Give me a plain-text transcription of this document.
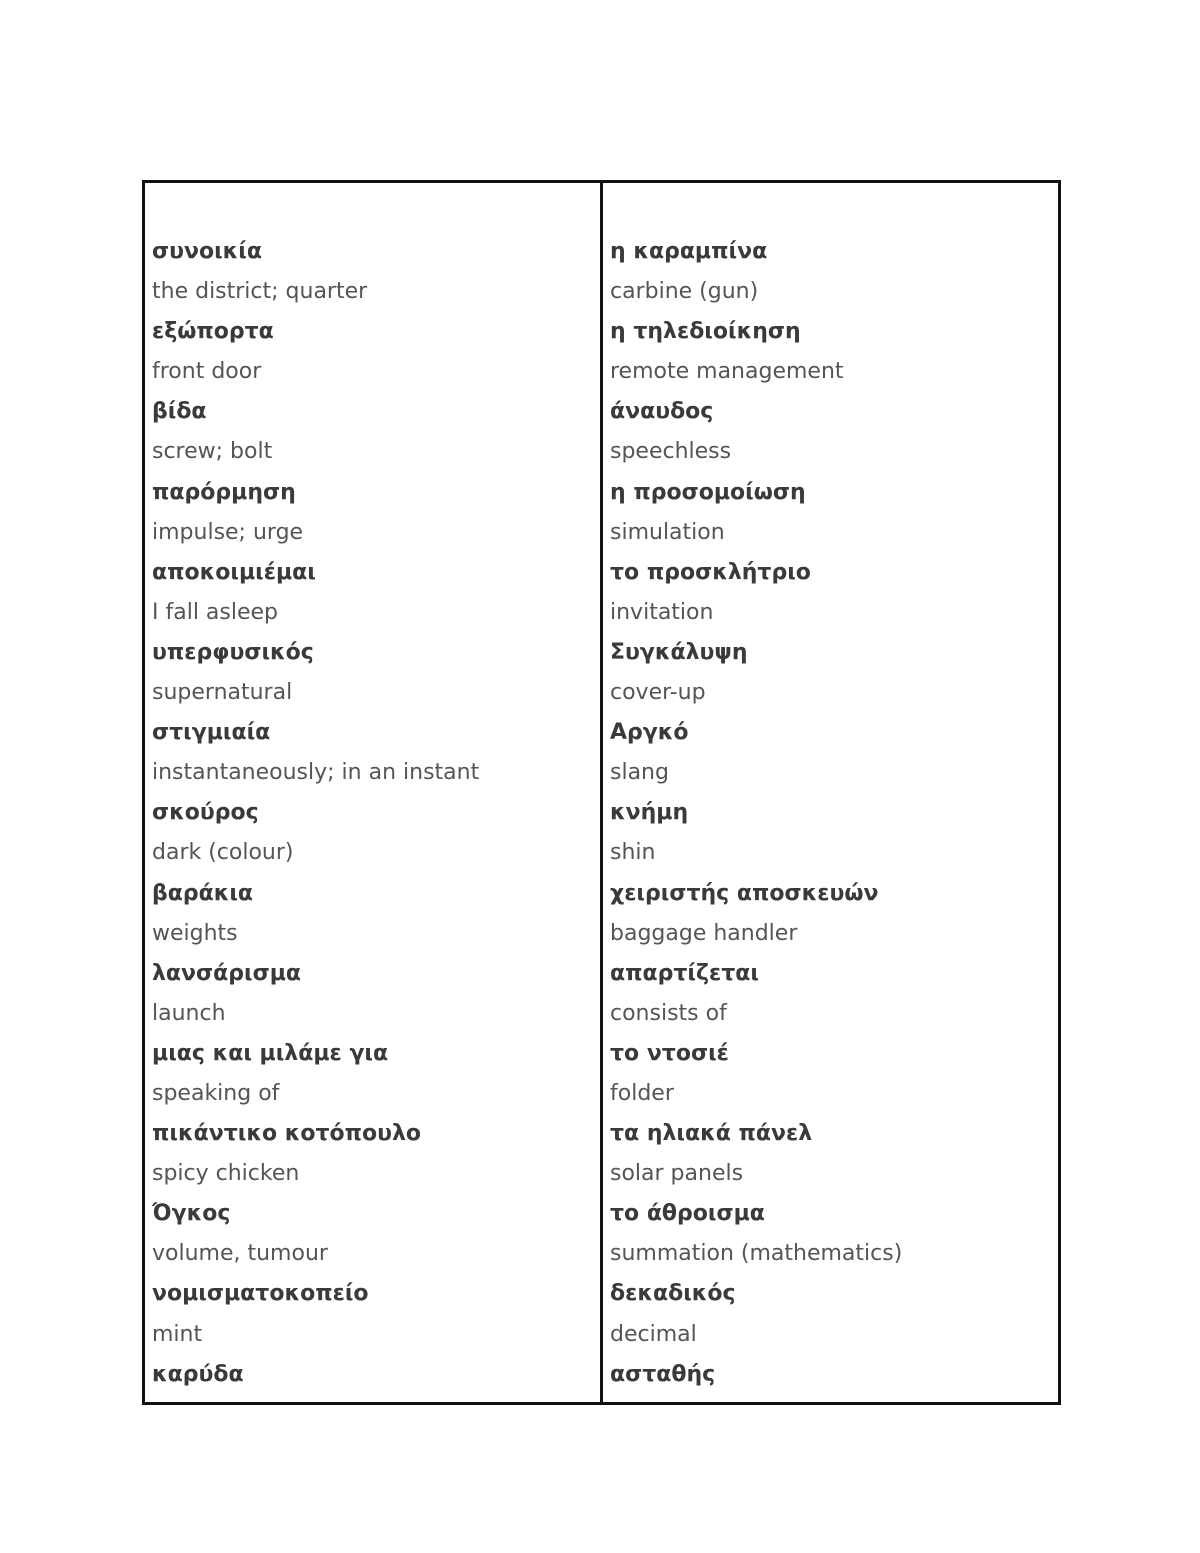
συνοικία
the district; quarter
εξώπορτα
front door
βίδα
screw; bolt
παρόρμηση
impulse; urge
αποκοιμιέμαι
I fall asleep
υπερφυσικός
supernatural
στιγμιαία
instantaneously; in an instant
σκούρος
dark (colour)
βαράκια
weights
λανσάρισμα
launch
μιας και μιλάμε για
speaking of
πικάντικο κοτόπουλο
spicy chicken
Όγκος
volume, tumour
νομισματοκοπείο
mint
καρύδα
η καραμπίνα
carbine (gun)
η τηλεδιοίκηση
remote management
άναυδος
speechless
η προσομοίωση
simulation
το προσκλήτριο
invitation
Συγκάλυψη
cover-up
Αργκό
slang
κνήμη
shin
χειριστής αποσκευών
baggage handler
απαρτίζεται
consists of
το ντοσιέ
folder
τα ηλιακά πάνελ
solar panels
το άθροισμα
summation (mathematics)
δεκαδικός
decimal
ασταθής
